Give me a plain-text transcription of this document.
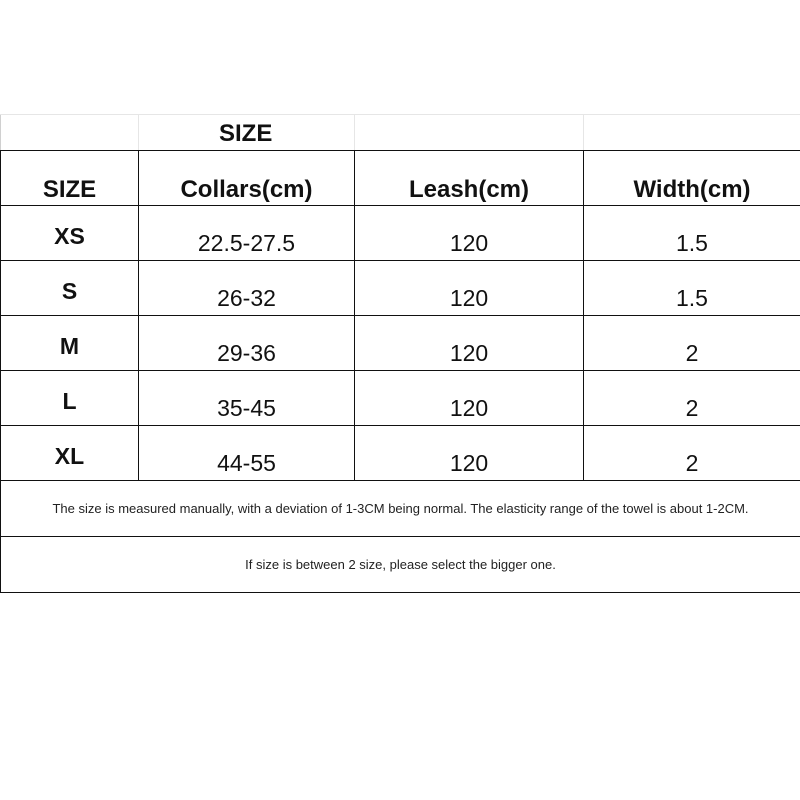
	SIZE		
SIZE	Collars(cm)	Leash(cm)	Width(cm)
XS	22.5-27.5	120	1.5
S	26-32	120	1.5
M	29-36	120	2
L	35-45	120	2
XL	44-55	120	2
The size is measured manually, with a deviation of 1-3CM being normal. The elasticity range of the towel is about 1-2CM.			
If size is between 2 size, please select the bigger one.			
